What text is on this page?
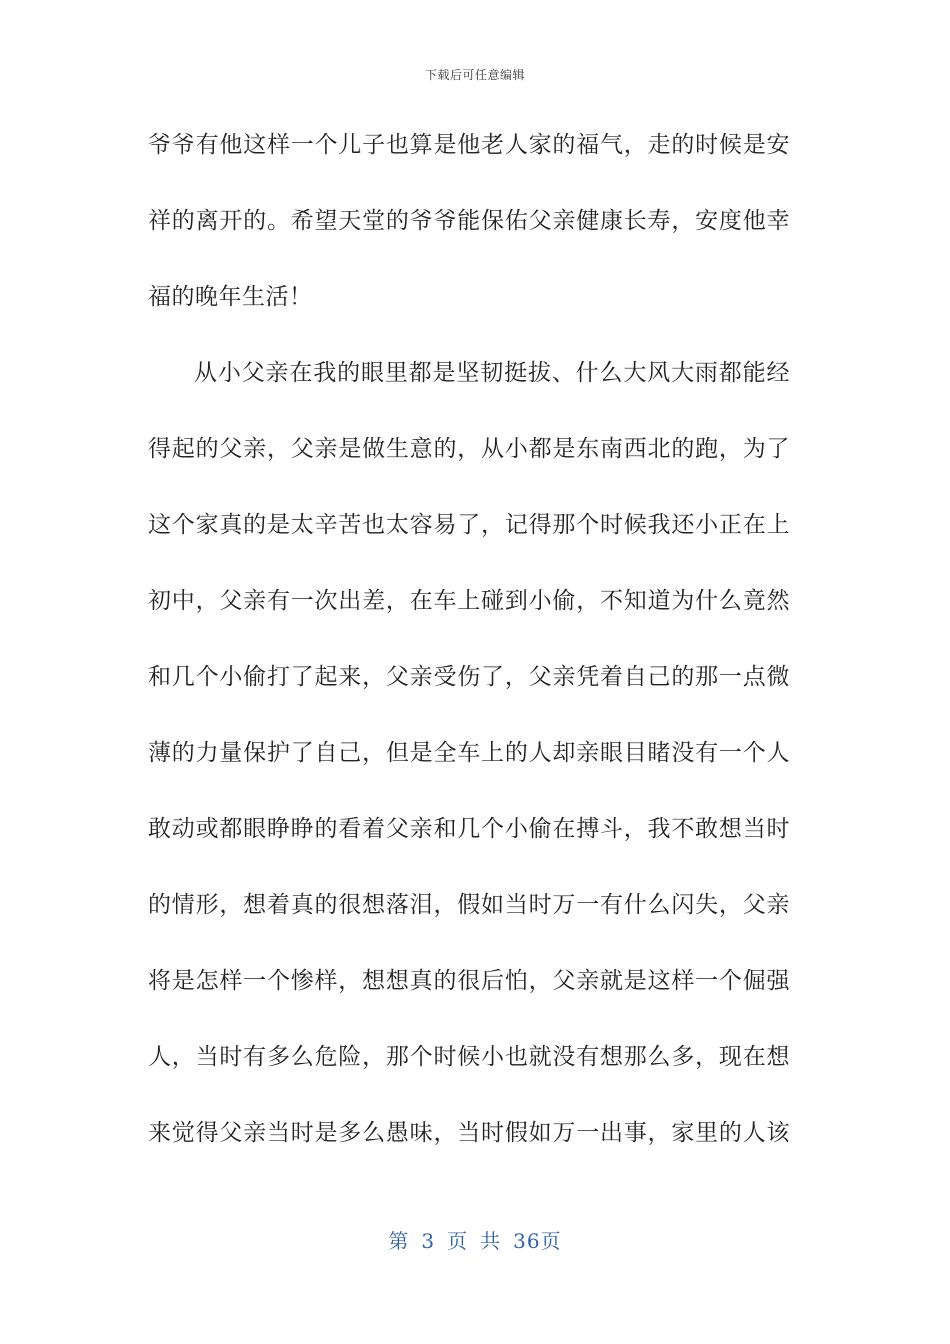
下载后可任意编辑
爷爷有他这样一个儿子也算是他老人家的福气，走的时候是安
祥的离开的。希望天堂的爷爷能保佑父亲健康长寿，安度他幸
福的晚年生活！
从小父亲在我的眼里都是坚韧挺拔、什么大风大雨都能经
得起的父亲，父亲是做生意的，从小都是东南西北的跑，为了
这个家真的是太辛苦也太容易了，记得那个时候我还小正在上
初中，父亲有一次出差，在车上碰到小偷，不知道为什么竟然
和几个小偷打了起来，父亲受伤了，父亲凭着自己的那一点微
薄的力量保护了自己，但是全车上的人却亲眼目睹没有一个人
敢动或都眼睁睁的看着父亲和几个小偷在搏斗，我不敢想当时
的情形，想着真的很想落泪，假如当时万一有什么闪失，父亲
将是怎样一个惨样，想想真的很后怕，父亲就是这样一个倔强
人，当时有多么危险，那个时候小也就没有想那么多，现在想
来觉得父亲当时是多么愚味，当时假如万一出事，家里的人该
第 3 页 共 36页
